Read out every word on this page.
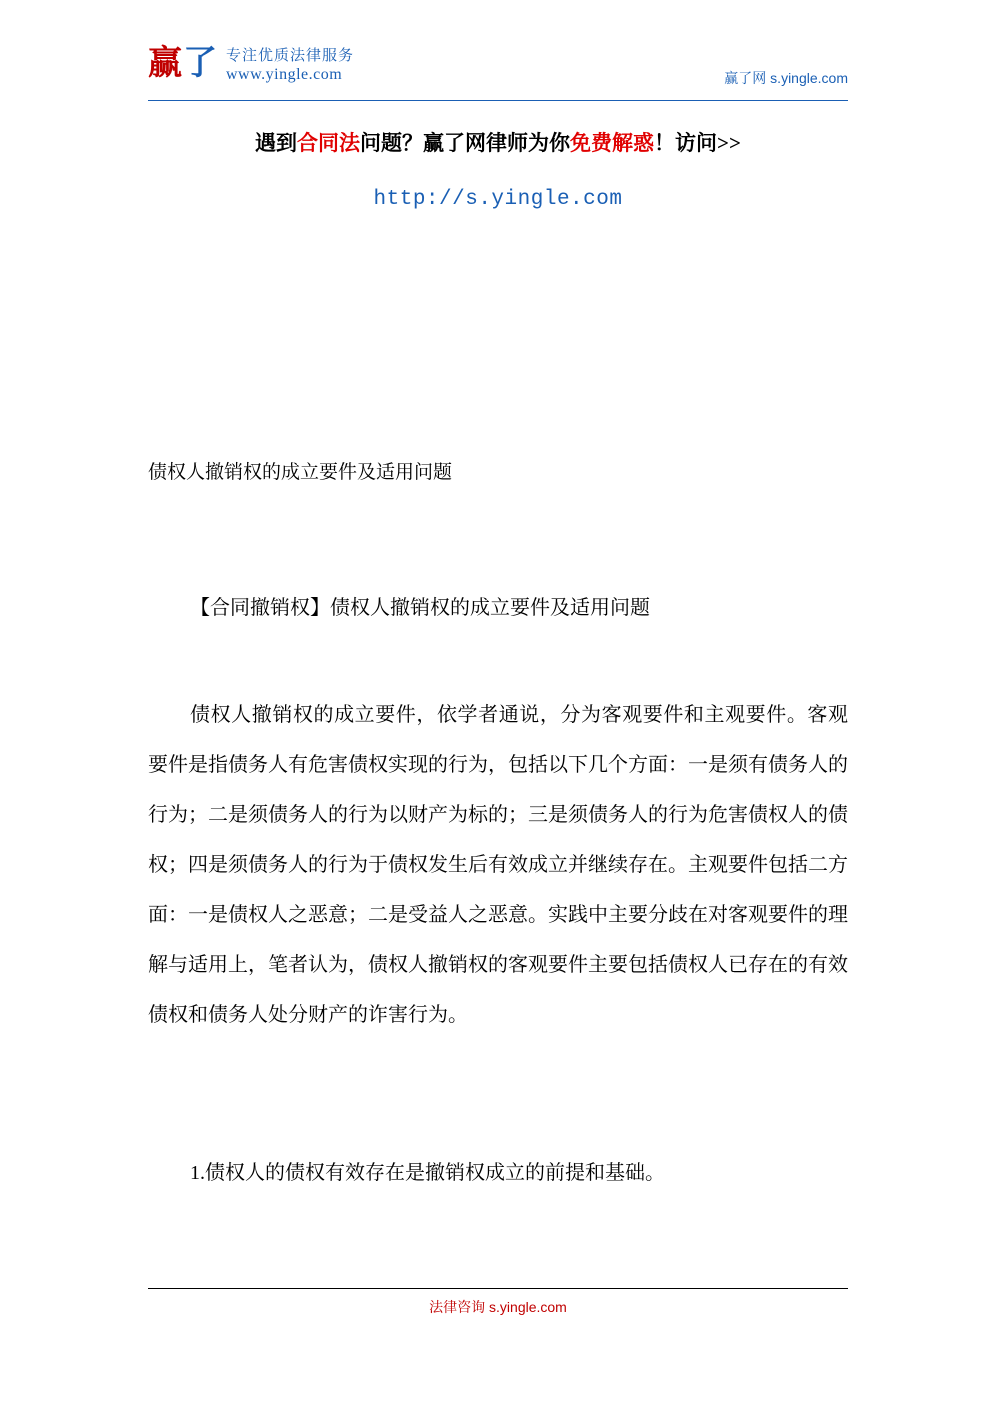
赢了 专注优质法律服务
www.yingle.com	赢了网 s.yingle.com
遇到合同法问题？赢了网律师为你免费解惑！访问>>
http://s.yingle.com
债权人撤销权的成立要件及适用问题
【合同撤销权】债权人撤销权的成立要件及适用问题
债权人撤销权的成立要件，依学者通说，分为客观要件和主观要件。客观要件是指债务人有危害债权实现的行为，包括以下几个方面：一是须有债务人的行为；二是须债务人的行为以财产为标的；三是须债务人的行为危害债权人的债权；四是须债务人的行为于债权发生后有效成立并继续存在。主观要件包括二方面：一是债权人之恶意；二是受益人之恶意。实践中主要分歧在对客观要件的理解与适用上，笔者认为，债权人撤销权的客观要件主要包括债权人已存在的有效债权和债务人处分财产的诈害行为。
1.债权人的债权有效存在是撤销权成立的前提和基础。
法律咨询 s.yingle.com
